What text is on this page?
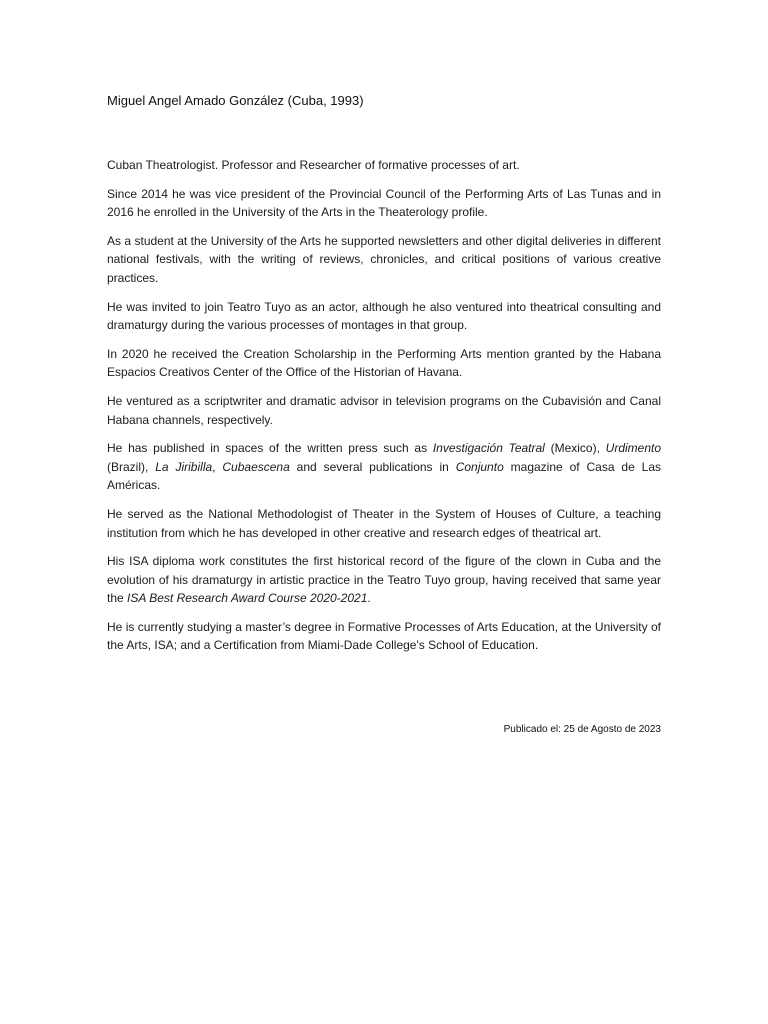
Miguel Angel Amado González (Cuba, 1993)

Cuban Theatrologist. Professor and Researcher of formative processes of art.

Since 2014 he was vice president of the Provincial Council of the Performing Arts of Las Tunas and in 2016 he enrolled in the University of the Arts in the Theaterology profile.

As a student at the University of the Arts he supported newsletters and other digital deliveries in different national festivals, with the writing of reviews, chronicles, and critical positions of various creative practices.

He was invited to join Teatro Tuyo as an actor, although he also ventured into theatrical consulting and dramaturgy during the various processes of montages in that group.

In 2020 he received the Creation Scholarship in the Performing Arts mention granted by the Habana Espacios Creativos Center of the Office of the Historian of Havana.

He ventured as a scriptwriter and dramatic advisor in television programs on the Cubavisión and Canal Habana channels, respectively.

He has published in spaces of the written press such as Investigación Teatral (Mexico), Urdimento (Brazil), La Jiribilla, Cubaescena and several publications in Conjunto magazine of Casa de Las Américas.

He served as the National Methodologist of Theater in the System of Houses of Culture, a teaching institution from which he has developed in other creative and research edges of theatrical art.

His ISA diploma work constitutes the first historical record of the figure of the clown in Cuba and the evolution of his dramaturgy in artistic practice in the Teatro Tuyo group, having received that same year the ISA Best Research Award Course 2020-2021.

He is currently studying a master’s degree in Formative Processes of Arts Education, at the University of the Arts, ISA; and a Certification from Miami-Dade College's School of Education.

Publicado el: 25 de Agosto de 2023
